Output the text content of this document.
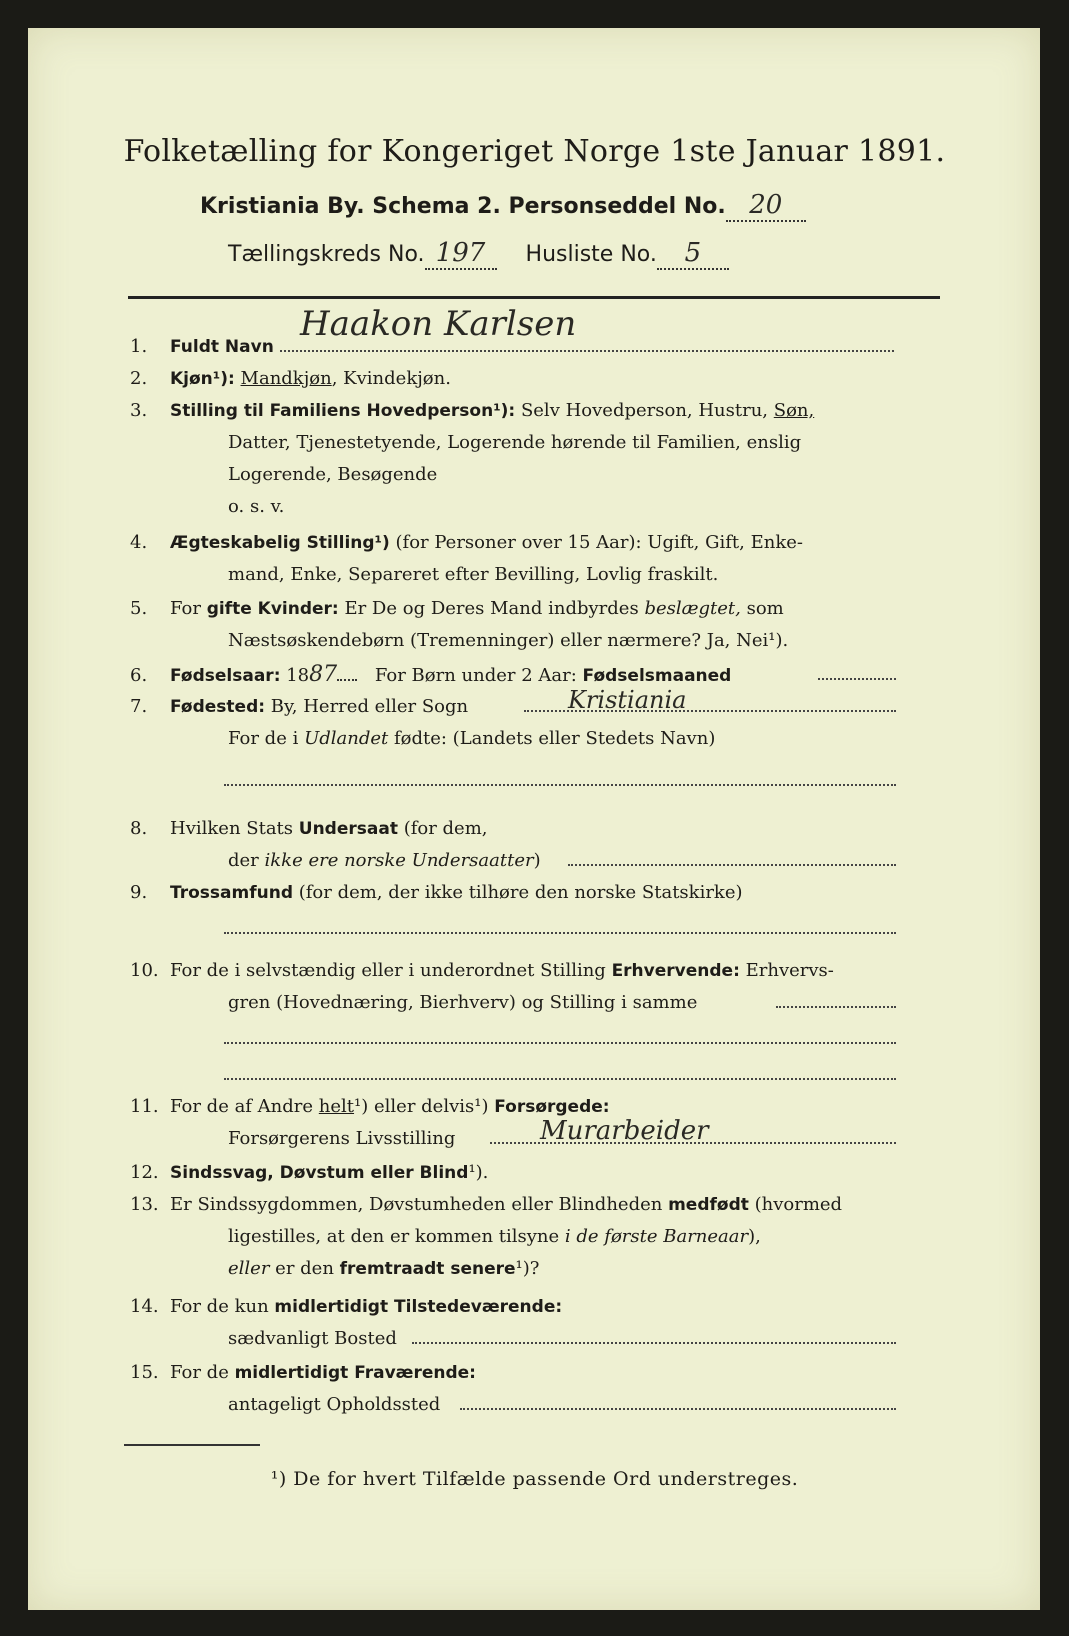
Folketælling for Kongeriget Norge 1ste Januar 1891.
Kristiania By. Schema 2. Personseddel No. 20
Tællingskreds No. 197 Husliste No. 5
1. Fuldt Navn
Haakon Karlsen
2. Kjøn¹): Mandkjøn, Kvindekjøn.
3. Stilling til Familiens Hovedperson¹): Selv Hovedperson, Hustru, Søn,
Datter, Tjenestetyende, Logerende hørende til Familien, enslig
Logerende, Besøgende
o. s. v.
4. Ægteskabelig Stilling¹) (for Personer over 15 Aar): Ugift, Gift, Enke-
mand, Enke, Separeret efter Bevilling, Lovlig fraskilt.
5. For gifte Kvinder: Er De og Deres Mand indbyrdes beslægtet, som
Næstsøskendebørn (Tremenninger) eller nærmere? Ja, Nei¹).
6. Fødselsaar: 1887 For Børn under 2 Aar: Fødselsmaaned
7. Fødested: By, Herred eller Sogn	Kristiania
For de i Udlandet fødte: (Landets eller Stedets Navn)
8. Hvilken Stats Undersaat (for dem,
der ikke ere norske Undersaatter)
9. Trossamfund (for dem, der ikke tilhøre den norske Statskirke)
10. For de i selvstændig eller i underordnet Stilling Erhvervende: Erhvervs-
gren (Hovednæring, Bierhverv) og Stilling i samme
11. For de af Andre helt¹) eller delvis¹) Forsørgede:
Forsørgerens Livsstilling	Murarbeider
12. Sindssvag, Døvstum eller Blind¹).
13. Er Sindssygdommen, Døvstumheden eller Blindheden medfødt (hvormed
ligestilles, at den er kommen tilsyne i de første Barneaar),
eller er den fremtraadt senere¹)?
14. For de kun midlertidigt Tilstedeværende:
sædvanligt Bosted
15. For de midlertidigt Fraværende:
antageligt Opholdssted
¹) De for hvert Tilfælde passende Ord understreges.
